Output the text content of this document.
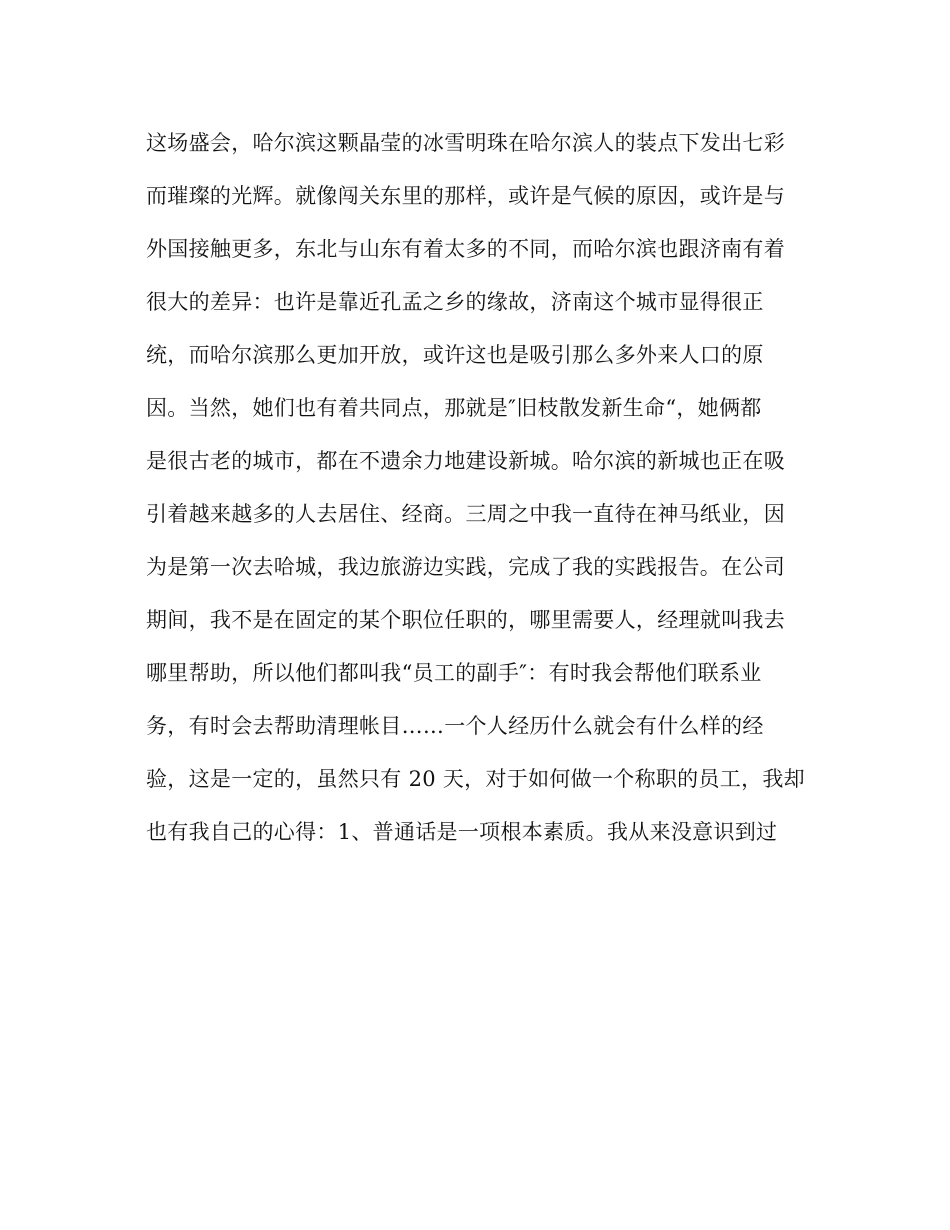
这场盛会，哈尔滨这颗晶莹的冰雪明珠在哈尔滨人的装点下发出七彩
而璀璨的光辉。就像闯关东里的那样，或许是气候的原因，或许是与
外国接触更多，东北与山东有着太多的不同，而哈尔滨也跟济南有着
很大的差异：也许是靠近孔孟之乡的缘故，济南这个城市显得很正
统，而哈尔滨那么更加开放，或许这也是吸引那么多外来人口的原
因。当然，她们也有着共同点，那就是″旧枝散发新生命“，她俩都
是很古老的城市，都在不遗余力地建设新城。哈尔滨的新城也正在吸
引着越来越多的人去居住、经商。三周之中我一直待在神马纸业，因
为是第一次去哈城，我边旅游边实践，完成了我的实践报告。在公司
期间，我不是在固定的某个职位任职的，哪里需要人，经理就叫我去
哪里帮助，所以他们都叫我“员工的副手″：有时我会帮他们联系业
务，有时会去帮助清理帐目……一个人经历什么就会有什么样的经
验，这是一定的，虽然只有 20 天，对于如何做一个称职的员工，我却
也有我自己的心得：1、普通话是一项根本素质。我从来没意识到过
